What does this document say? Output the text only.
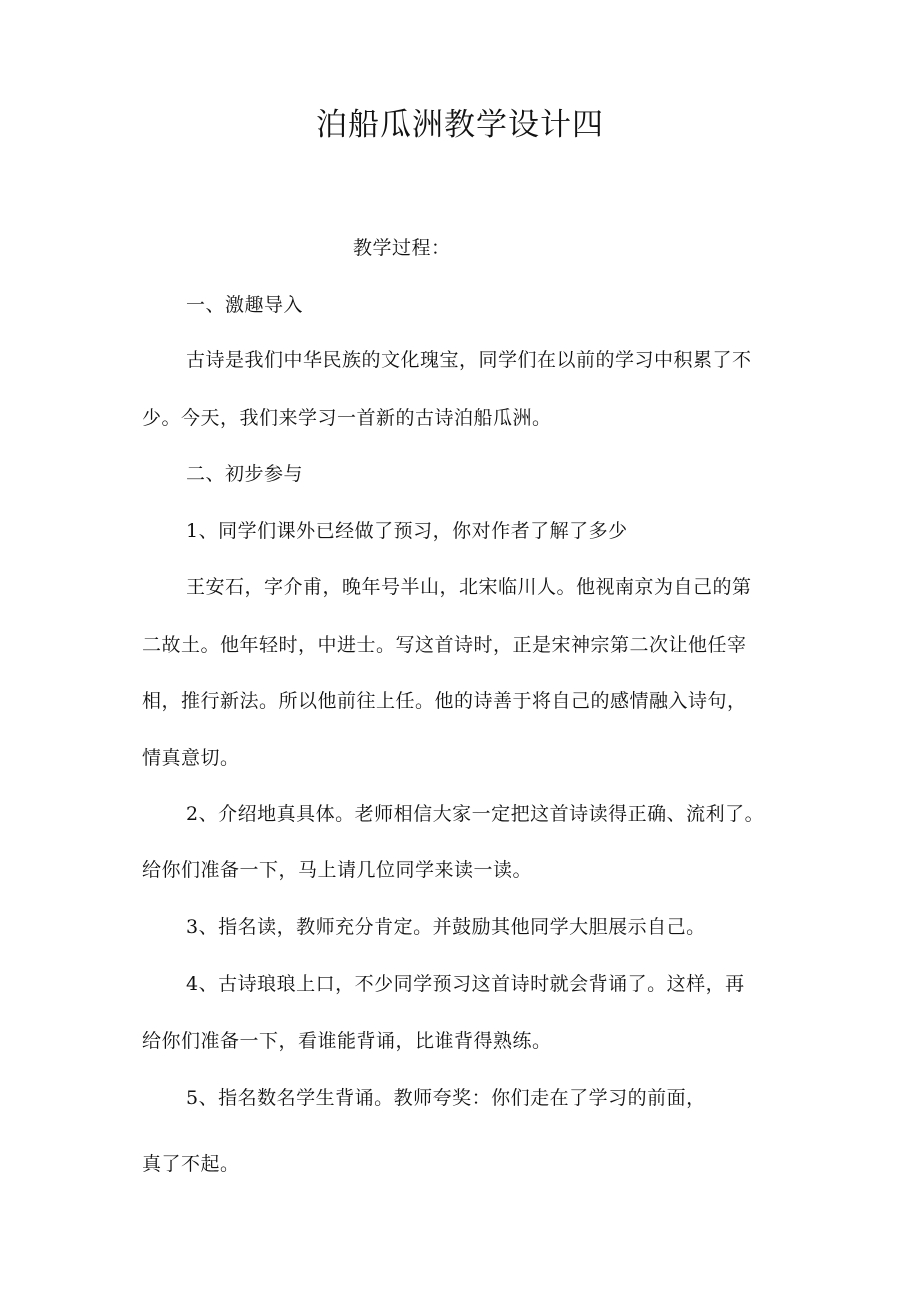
泊船瓜洲教学设计四
教学过程：
一、激趣导入
古诗是我们中华民族的文化瑰宝，同学们在以前的学习中积累了不
少。今天，我们来学习一首新的古诗泊船瓜洲。
二、初步参与
1、同学们课外已经做了预习，你对作者了解了多少
王安石，字介甫，晚年号半山，北宋临川人。他视南京为自己的第
二故土。他年轻时，中进士。写这首诗时，正是宋神宗第二次让他任宰
相，推行新法。所以他前往上任。他的诗善于将自己的感情融入诗句，
情真意切。
2、介绍地真具体。老师相信大家一定把这首诗读得正确、流利了。
给你们准备一下，马上请几位同学来读一读。
3、指名读，教师充分肯定。并鼓励其他同学大胆展示自己。
4、古诗琅琅上口，不少同学预习这首诗时就会背诵了。这样，再
给你们准备一下，看谁能背诵，比谁背得熟练。
5、指名数名学生背诵。教师夸奖：你们走在了学习的前面，
真了不起。
